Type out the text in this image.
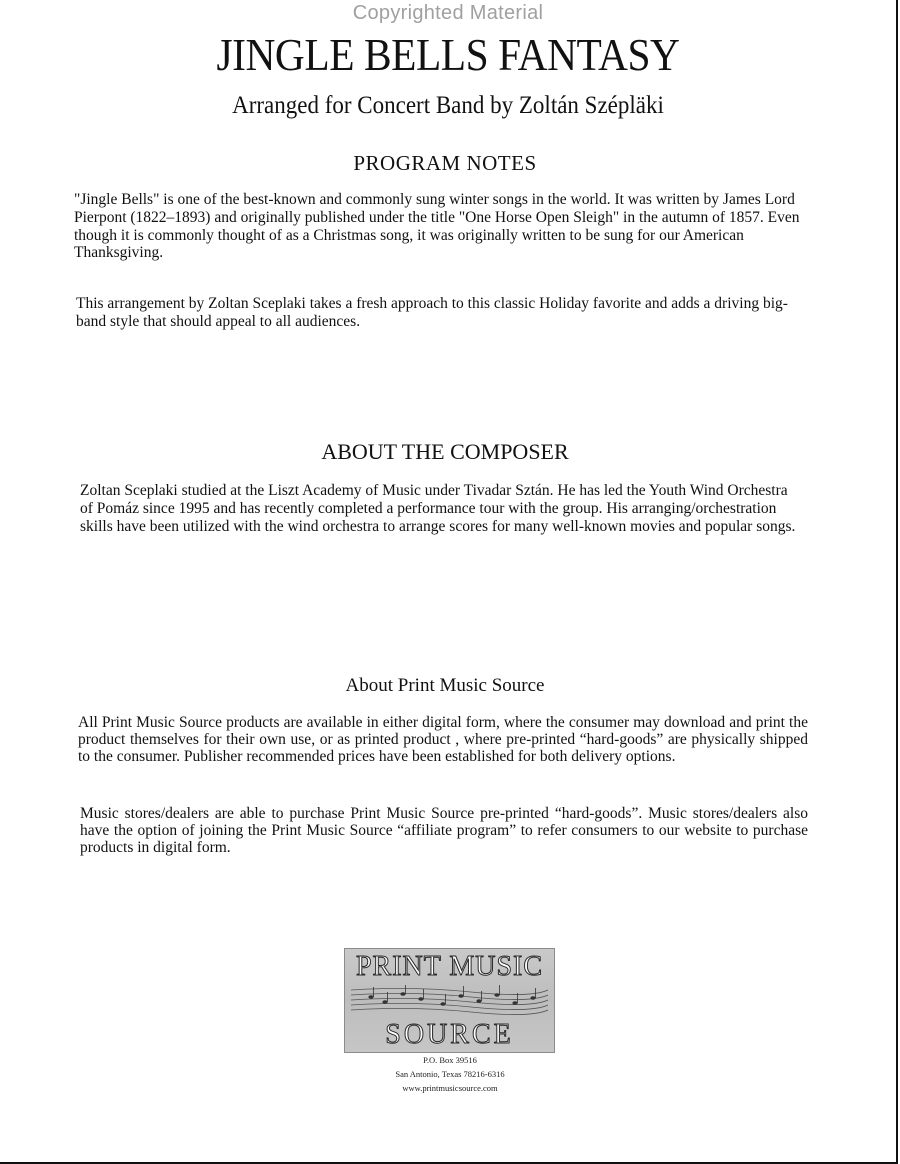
Copyrighted Material
JINGLE BELLS FANTASY
Arranged for Concert Band by Zoltán Szépläki
PROGRAM NOTES

"Jingle Bells" is one of the best-known and commonly sung winter songs in the world. It was written by James Lord Pierpont (1822–1893) and originally published under the title "One Horse Open Sleigh" in the autumn of 1857. Even though it is commonly thought of as a Christmas song, it was originally written to be sung for our American Thanksgiving.

This arrangement by Zoltan Sceplaki takes a fresh approach to this classic Holiday favorite and adds a driving big-band style that should appeal to all audiences.

ABOUT THE COMPOSER

Zoltan Sceplaki studied at the Liszt Academy of Music under Tivadar Sztán. He has led the Youth Wind Orchestra of Pomáz since 1995 and has recently completed a performance tour with the group. His arranging/orchestration skills have been utilized with the wind orchestra to arrange scores for many well-known movies and popular songs.

About Print Music Source

All Print Music Source products are available in either digital form, where the consumer may download and print the product themselves for their own use, or as printed product , where pre-printed “hard-goods” are physically shipped to the consumer. Publisher recommended prices have been established for both delivery options.

Music stores/dealers are able to purchase Print Music Source pre-printed “hard-goods”. Music stores/dealers also have the option of joining the Print Music Source “affiliate program” to refer consumers to our website to purchase products in digital form.

PRINT MUSIC
SOURCE
P.O. Box 39516
San Antonio, Texas 78216-6316
www.printmusicsource.com
